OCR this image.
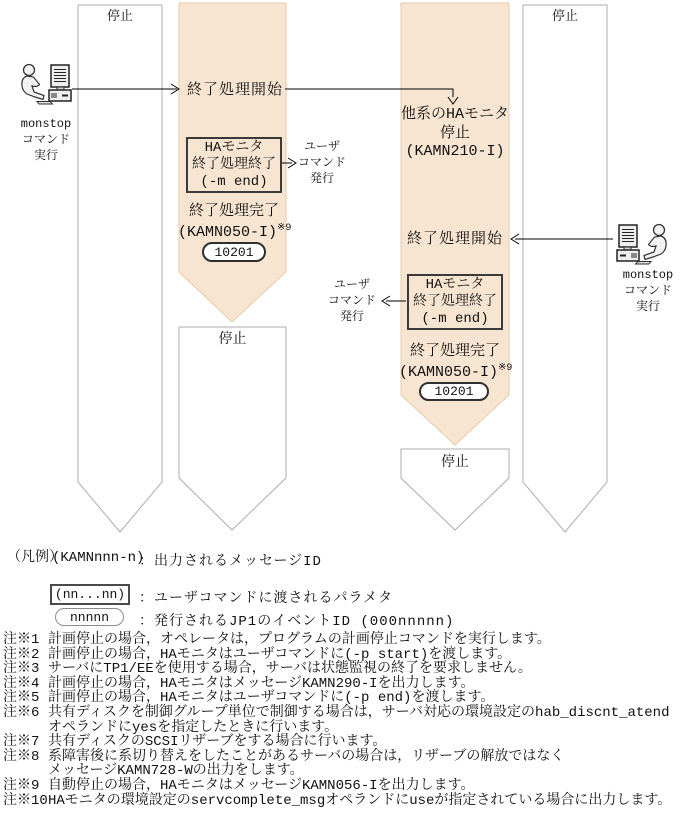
停止	停止
monstop
コマンド
実行
終了処理開始
他系のHAモニタ
停止
(KAMN210-I)
HAモニタ
終了処理終了
(-m end)
ユーザ
コマンド
発行
終了処理完了
(KAMN050-I)$^{※9}$
10201
停止
終了処理開始
ユーザ
コマンド
発行
HAモニタ
終了処理終了
(-m end)
終了処理完了
(KAMN050-I)$^{※9}$
10201
停止
monstop
コマンド
実行
（凡例）
(KAMNnnn-n)
：出力されるメッセージID
(nn...nn) ：ユーザコマンドに渡されるパラメタ
nnnnn	：発行されるJP1のイベントID (000nnnnn)
注※1 計画停止の場合，オペレータは，プログラムの計画停止コマンドを実行します。
注※2 計画停止の場合，HAモニタはユーザコマンドに(-p start)を渡します。
注※3 サーバにTP1/EEを使用する場合，サーバは状態監視の終了を要求しません。
注※4 計画停止の場合，HAモニタはメッセージKAMN290-Iを出力します。
注※5 計画停止の場合，HAモニタはユーザコマンドに(-p end)を渡します。
注※6 共有ディスクを制御グループ単位で制御する場合は，サーバ対応の環境設定のhab_discnt_atend
オペランドにyesを指定したときに行います。
注※7 共有ディスクのSCSIリザーブをする場合に行います。
注※8 系障害後に系切り替えをしたことがあるサーバの場合は，リザーブの解放ではなく
メッセージKAMN728-Wの出力をします。
注※9 自動停止の場合，HAモニタはメッセージKAMN056-Iを出力します。
注※10 HAモニタの環境設定のservcomplete_msgオペランドにuseが指定されている場合に出力します。
